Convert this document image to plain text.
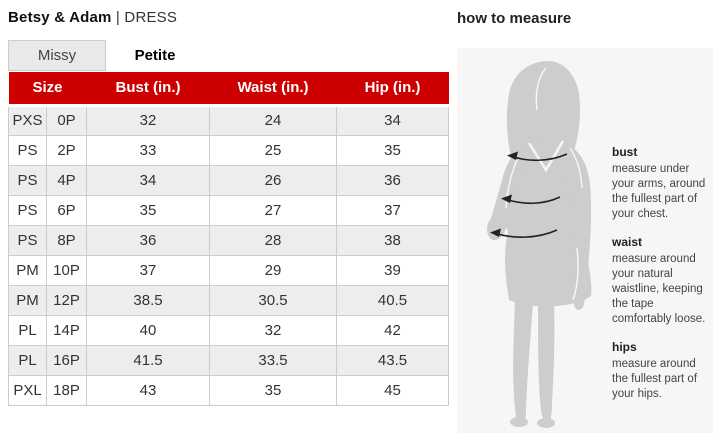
Betsy & Adam | DRESS
Missy	Petite
Size		Bust (in.)	Waist (in.)	Hip (in.)
PXS	0P	32	24	34
PS	2P	33	25	35
PS	4P	34	26	36
PS	6P	35	27	37
PS	8P	36	28	38
PM	10P	37	29	39
PM	12P	38.5	30.5	40.5
PL	14P	40	32	42
PL	16P	41.5	33.5	43.5
PXL	18P	43	35	45
how to measure
bust
measure under your arms, around the fullest part of your chest.
waist
measure around your natural waistline, keeping the tape comfortably loose.
hips
measure around the fullest part of your hips.
